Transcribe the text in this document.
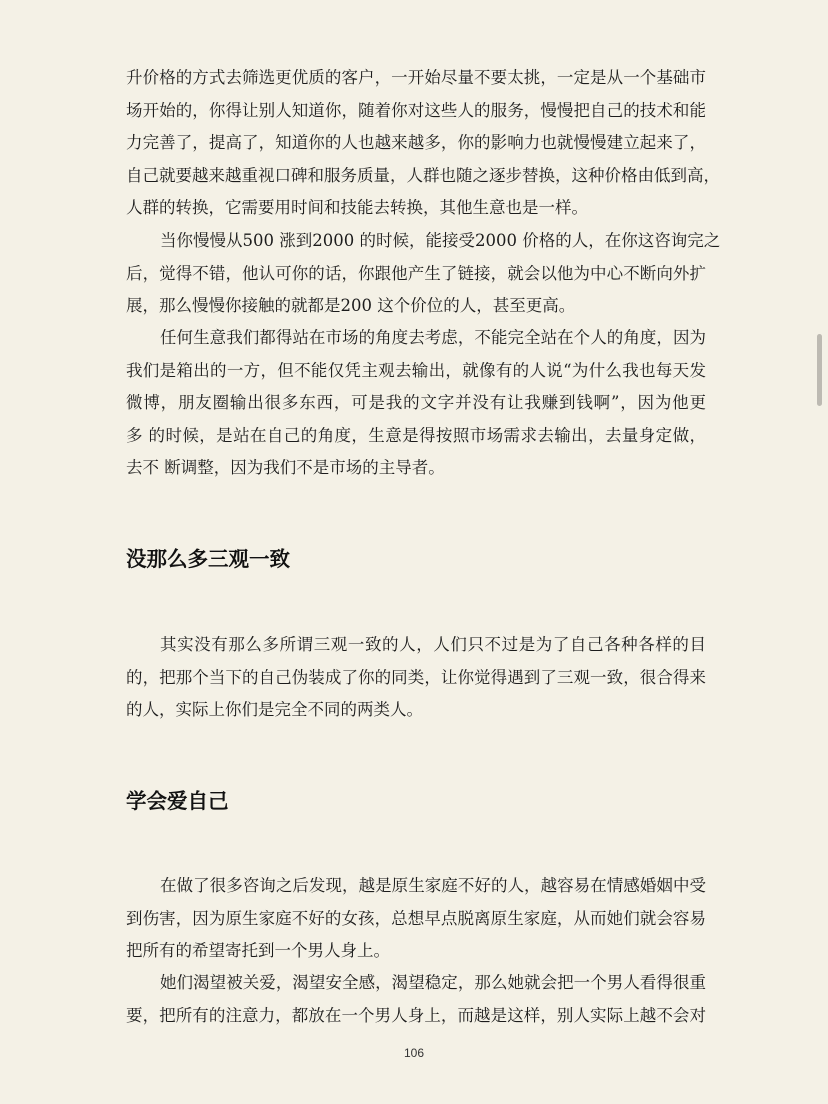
升价格的方式去筛选更优质的客户，一开始尽量不要太挑，一定是从一个基础市
场开始的，你得让别人知道你，随着你对这些人的服务，慢慢把自己的技术和能
力完善了，提高了，知道你的人也越来越多，你的影响力也就慢慢建立起来了，
自己就要越来越重视口碑和服务质量，人群也随之逐步替换，这种价格由低到高，
人群的转换，它需要用时间和技能去转换，其他生意也是一样。
当你慢慢从500 涨到2000 的时候，能接受2000 价格的人，在你这咨询完之
后，觉得不错，他认可你的话，你跟他产生了链接，就会以他为中心不断向外扩
展，那么慢慢你接触的就都是200 这个价位的人，甚至更高。
任何生意我们都得站在市场的角度去考虑，不能完全站在个人的角度，因为
我们是箱出的一方，但不能仅凭主观去输出，就像有的人说“为什么我也每天发
微博，朋友圈输出很多东西，可是我的文字并没有让我赚到钱啊”，因为他更
多 的时候，是站在自己的角度，生意是得按照市场需求去输出，去量身定做，
去不 断调整，因为我们不是市场的主导者。
没那么多三观一致
其实没有那么多所谓三观一致的人，人们只不过是为了自己各种各样的目
的，把那个当下的自己伪装成了你的同类，让你觉得遇到了三观一致，很合得来
的人，实际上你们是完全不同的两类人。
学会爱自己
在做了很多咨询之后发现，越是原生家庭不好的人，越容易在情感婚姻中受
到伤害，因为原生家庭不好的女孩，总想早点脱离原生家庭，从而她们就会容易
把所有的希望寄托到一个男人身上。
她们渴望被关爱，渴望安全感，渴望稳定，那么她就会把一个男人看得很重
要，把所有的注意力，都放在一个男人身上，而越是这样，别人实际上越不会对
106
